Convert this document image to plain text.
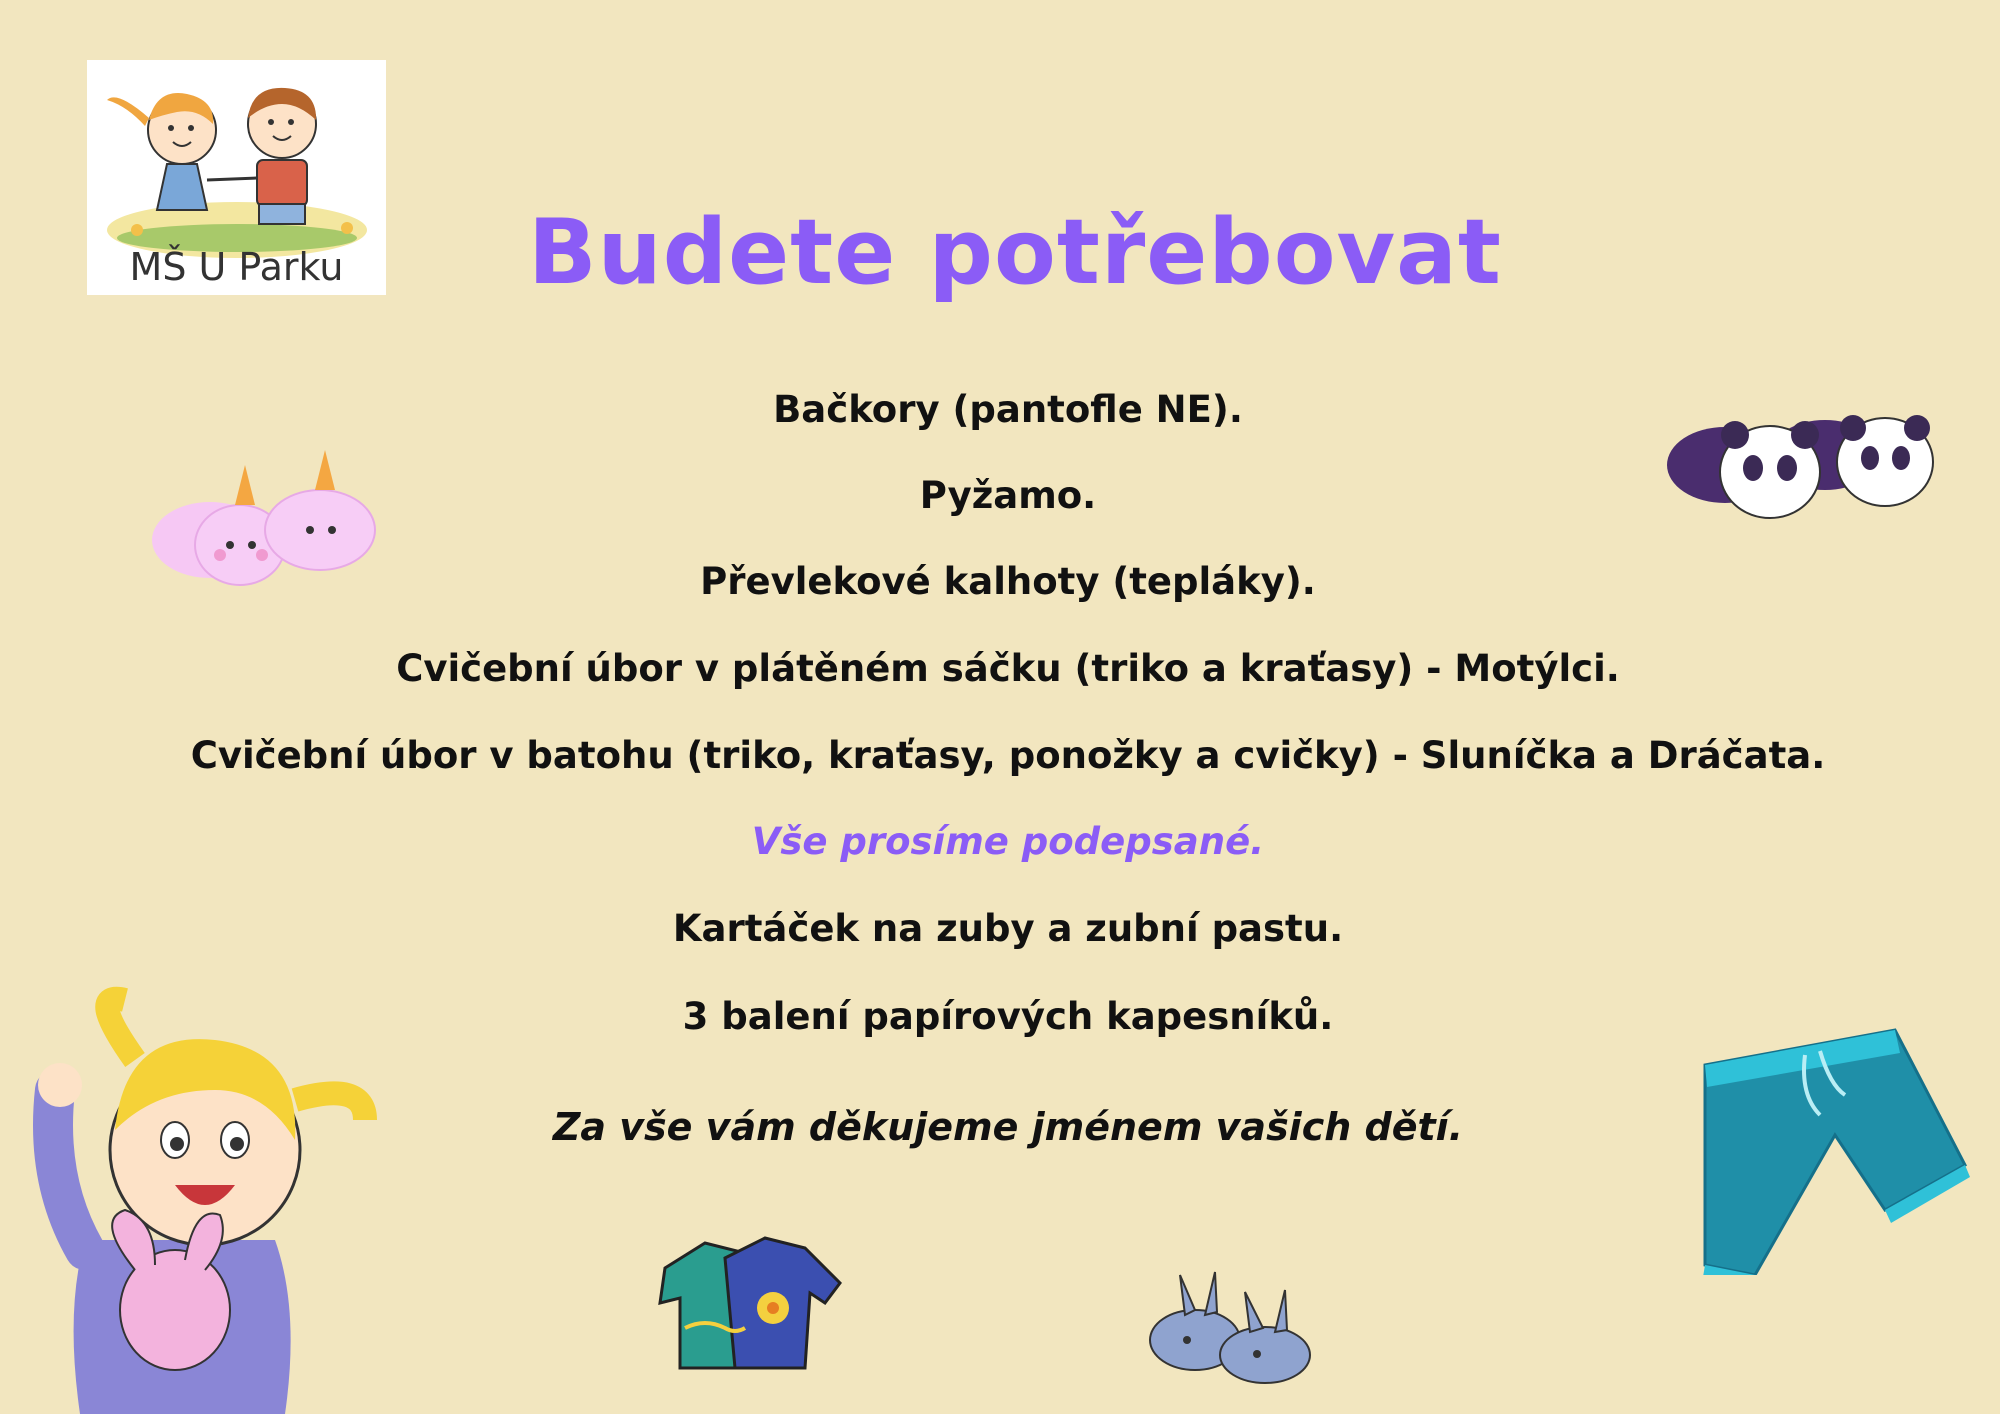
MŠ U Parku	Budete potřebovat
Bačkory (pantofle NE).
Pyžamo.
Převlekové kalhoty (tepláky).
Cvičební úbor v plátěném sáčku (triko a kraťasy) - Motýlci.
Cvičební úbor v batohu (triko, kraťasy, ponožky a cvičky) - Sluníčka a Dráčata.
Vše prosíme podepsané.
Kartáček na zuby a zubní pastu.
3 balení papírových kapesníků.
Za vše vám děkujeme jménem vašich dětí.
